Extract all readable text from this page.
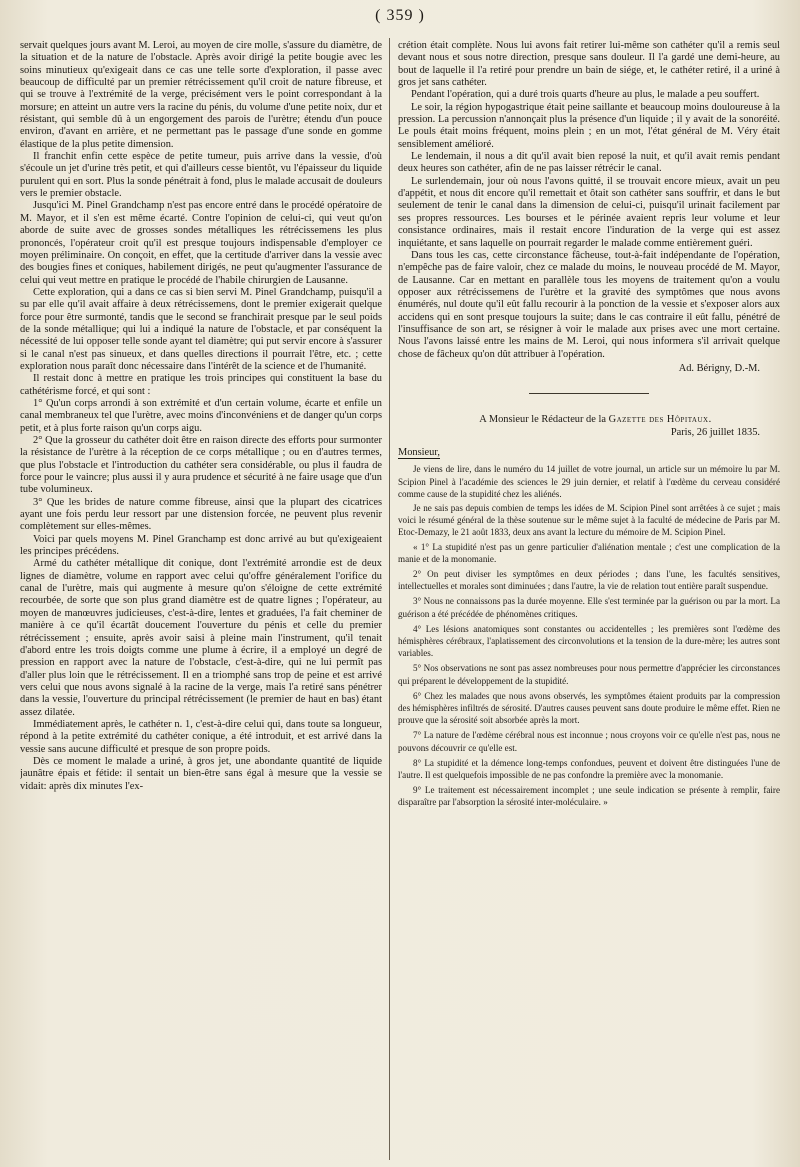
( 359 )

servait quelques jours avant M. Leroi, au moyen de cire molle, s'assure du diamètre, de la situation et de la nature de l'obstacle. Après avoir dirigé la petite bougie avec les soins minutieux qu'exigeait dans ce cas une telle sorte d'exploration, il passe avec beaucoup de difficulté par un premier rétrécissement qu'il croit de nature fibreuse, et qui se trouve à l'extrémité de la verge, précisément vers le point correspondant à la morsure; en atteint un autre vers la racine du pénis, du volume d'une petite noix, dur et résistant, qui semble dû à un engorgement des parois de l'urètre; étendu d'un pouce environ, d'avant en arrière, et ne permettant pas le passage d'une sonde en gomme élastique de la plus petite dimension.

Il franchit enfin cette espèce de petite tumeur, puis arrive dans la vessie, d'où s'écoule un jet d'urine très petit, et qui d'ailleurs cesse bientôt, vu l'épaisseur du liquide purulent qui en sort. Plus la sonde pénétrait à fond, plus le malade accusait de douleurs vers le premier obstacle.

Jusqu'ici M. Pinel Grandchamp n'est pas encore entré dans le procédé opératoire de M. Mayor, et il s'en est même écarté. Contre l'opinion de celui-ci, qui veut qu'on aborde de suite avec de grosses sondes métalliques les rétrécissemens les plus prononcés, l'opérateur croit qu'il est presque toujours indispensable d'employer ce moyen préliminaire. On conçoit, en effet, que la certitude d'arriver dans la vessie avec des bougies fines et coniques, habilement dirigés, ne peut qu'augmenter l'assurance de celui qui veut mettre en pratique le procédé de l'habile chirurgien de Lausanne.

Cette exploration, qui a dans ce cas si bien servi M. Pinel Grandchamp, puisqu'il a su par elle qu'il avait affaire à deux rétrécissemens, dont le premier exigerait quelque force pour être surmonté, tandis que le second se franchirait presque par le seul poids de la sonde métallique; qui lui a indiqué la nature de l'obstacle, et par conséquent la nécessité de lui opposer telle sonde ayant tel diamètre; qui put servir encore à s'assurer si le canal n'est pas sinueux, et dans quelles directions il pourrait l'être, etc. ; cette exploration nous paraît donc nécessaire dans l'intérêt de la science et de l'humanité.

Il restait donc à mettre en pratique les trois principes qui constituent la base du cathétérisme forcé, et qui sont :

1° Qu'un corps arrondi à son extrémité et d'un certain volume, écarte et enfile un canal membraneux tel que l'urètre, avec moins d'inconvéniens et de danger qu'un corps petit, et à plus forte raison qu'un corps aigu.

2° Que la grosseur du cathéter doit être en raison directe des efforts pour surmonter la résistance de l'urètre à la réception de ce corps métallique ; ou en d'autres termes, que plus l'obstacle et l'introduction du cathéter sera considérable, ou plus il faudra de force pour le vaincre; plus aussi il y aura prudence et sécurité à ne faire usage que d'un tube volumineux.

3° Que les brides de nature comme fibreuse, ainsi que la plupart des cicatrices ayant une fois perdu leur ressort par une distension forcée, ne peuvent plus revenir complètement sur elles-mêmes.

Voici par quels moyens M. Pinel Granchamp est donc arrivé au but qu'exigeaient les principes précédens.

Armé du cathéter métallique dit conique, dont l'extrémité arrondie est de deux lignes de diamètre, volume en rapport avec celui qu'offre généralement l'orifice du canal de l'urètre, mais qui augmente à mesure qu'on s'éloigne de cette extrémité recourbée, de sorte que son plus grand diamètre est de quatre lignes ; l'opérateur, au moyen de manœuvres judicieuses, c'est-à-dire, lentes et graduées, l'a fait cheminer de manière à ce qu'il écartât doucement l'ouverture du pénis et celle du premier rétrécissement ; ensuite, après avoir saisi à pleine main l'instrument, qu'il tenait d'abord entre les trois doigts comme une plume à écrire, il a employé un degré de pression en rapport avec la nature de l'obstacle, c'est-à-dire, qui ne lui permît pas d'aller plus loin que le rétrécissement. Il en a triomphé sans trop de peine et est arrivé vers celui que nous avons signalé à la racine de la verge, mais l'a retiré sans pénétrer dans la vessie, l'ouverture du principal rétrécissement (le premier de haut en bas) étant assez dilatée.

Immédiatement après, le cathéter n. 1, c'est-à-dire celui qui, dans toute sa longueur, répond à la petite extrémité du cathéter conique, a été introduit, et est arrivé dans la vessie sans aucune difficulté et presque de son propre poids.

Dès ce moment le malade a uriné, à gros jet, une abondante quantité de liquide jaunâtre épais et fétide: il sentait un bien-être sans égal à mesure que la vessie se vidait: après dix minutes l'ex-

crétion était complète. Nous lui avons fait retirer lui-même son cathéter qu'il a remis seul devant nous et sous notre direction, presque sans douleur. Il l'a gardé une demi-heure, au bout de laquelle il l'a retiré pour prendre un bain de siége, et, le cathéter retiré, il a uriné à gros jet sans cathéter.

Pendant l'opération, qui a duré trois quarts d'heure au plus, le malade a peu souffert.

Le soir, la région hypogastrique était peine saillante et beaucoup moins douloureuse à la pression. La percussion n'annonçait plus la présence d'un liquide ; il y avait de la sonoréité. Le pouls était moins fréquent, moins plein ; en un mot, l'état général de M. Véry était sensiblement amélioré.

Le lendemain, il nous a dit qu'il avait bien reposé la nuit, et qu'il avait remis pendant deux heures son cathéter, afin de ne pas laisser rétrécir le canal.

Le surlendemain, jour où nous l'avons quitté, il se trouvait encore mieux, avait un peu d'appétit, et nous dit encore qu'il remettait et ôtait son cathéter sans souffrir, et dans le but seulement de tenir le canal dans la dimension de celui-ci, puisqu'il urinait facilement par ses propres ressources. Les bourses et le périnée avaient repris leur volume et leur consistance ordinaires, mais il restait encore l'induration de la verge qui est assez inquiétante, et sans laquelle on pourrait regarder le malade comme entièrement guéri.

Dans tous les cas, cette circonstance fâcheuse, tout-à-fait indépendante de l'opération, n'empêche pas de faire valoir, chez ce malade du moins, le nouveau procédé de M. Mayor, de Lausanne. Car en mettant en parallèle tous les moyens de traitement qu'on a voulu opposer aux rétrécissemens de l'urètre et la gravité des symptômes que nous avons énumérés, nul doute qu'il eût fallu recourir à la ponction de la vessie et s'exposer alors aux accidens qui en sont presque toujours la suite; dans le cas contraire il eût fallu, pénétré de l'insuffisance de son art, se résigner à voir le malade aux prises avec une mort certaine. Nous l'avons laissé entre les mains de M. Leroi, qui nous informera s'il arrivait quelque chose de fâcheux qu'on dût attribuer à l'opération.

Ad. Bérigny, D.-M.

A Monsieur le Rédacteur de la Gazette des Hôpitaux.

Paris, 26 juillet 1835.
Monsieur,

Je viens de lire, dans le numéro du 14 juillet de votre journal, un article sur un mémoire lu par M. Scipion Pinel à l'académie des sciences le 29 juin dernier, et relatif à l'œdème du cerveau considéré comme cause de la stupidité chez les aliénés.

Je ne sais pas depuis combien de temps les idées de M. Scipion Pinel sont arrêtées à ce sujet ; mais voici le résumé général de la thèse soutenue sur le même sujet à la faculté de médecine de Paris par M. Etoc-Demazy, le 21 août 1833, deux ans avant la lecture du mémoire de M. Scipion Pinel.

« 1° La stupidité n'est pas un genre particulier d'aliénation mentale ; c'est une complication de la manie et de la monomanie.

2° On peut diviser les symptômes en deux périodes ; dans l'une, les facultés sensitives, intellectuelles et morales sont diminuées ; dans l'autre, la vie de relation tout entière paraît suspendue.

3° Nous ne connaissons pas la durée moyenne. Elle s'est terminée par la guérison ou par la mort. La guérison a été précédée de phénomènes critiques.

4° Les lésions anatomiques sont constantes ou accidentelles ; les premières sont l'œdème des hémisphères cérébraux, l'aplatissement des circonvolutions et la tension de la dure-mère; les autres sont variables.

5° Nos observations ne sont pas assez nombreuses pour nous permettre d'apprécier les circonstances qui préparent le développement de la stupidité.

6° Chez les malades que nous avons observés, les symptômes étaient produits par la compression des hémisphères infiltrés de sérosité. D'autres causes peuvent sans doute produire le même effet. Rien ne prouve que la sérosité soit absorbée après la mort.

7° La nature de l'œdème cérébral nous est inconnue ; nous croyons voir ce qu'elle n'est pas, nous ne pouvons découvrir ce qu'elle est.

8° La stupidité et la démence long-temps confondues, peuvent et doivent être distinguées l'une de l'autre. Il est quelquefois impossible de ne pas confondre la première avec la monomanie.

9° Le traitement est nécessairement incomplet ; une seule indication se présente à remplir, faire disparaître par l'absorption la sérosité inter-moléculaire. »
